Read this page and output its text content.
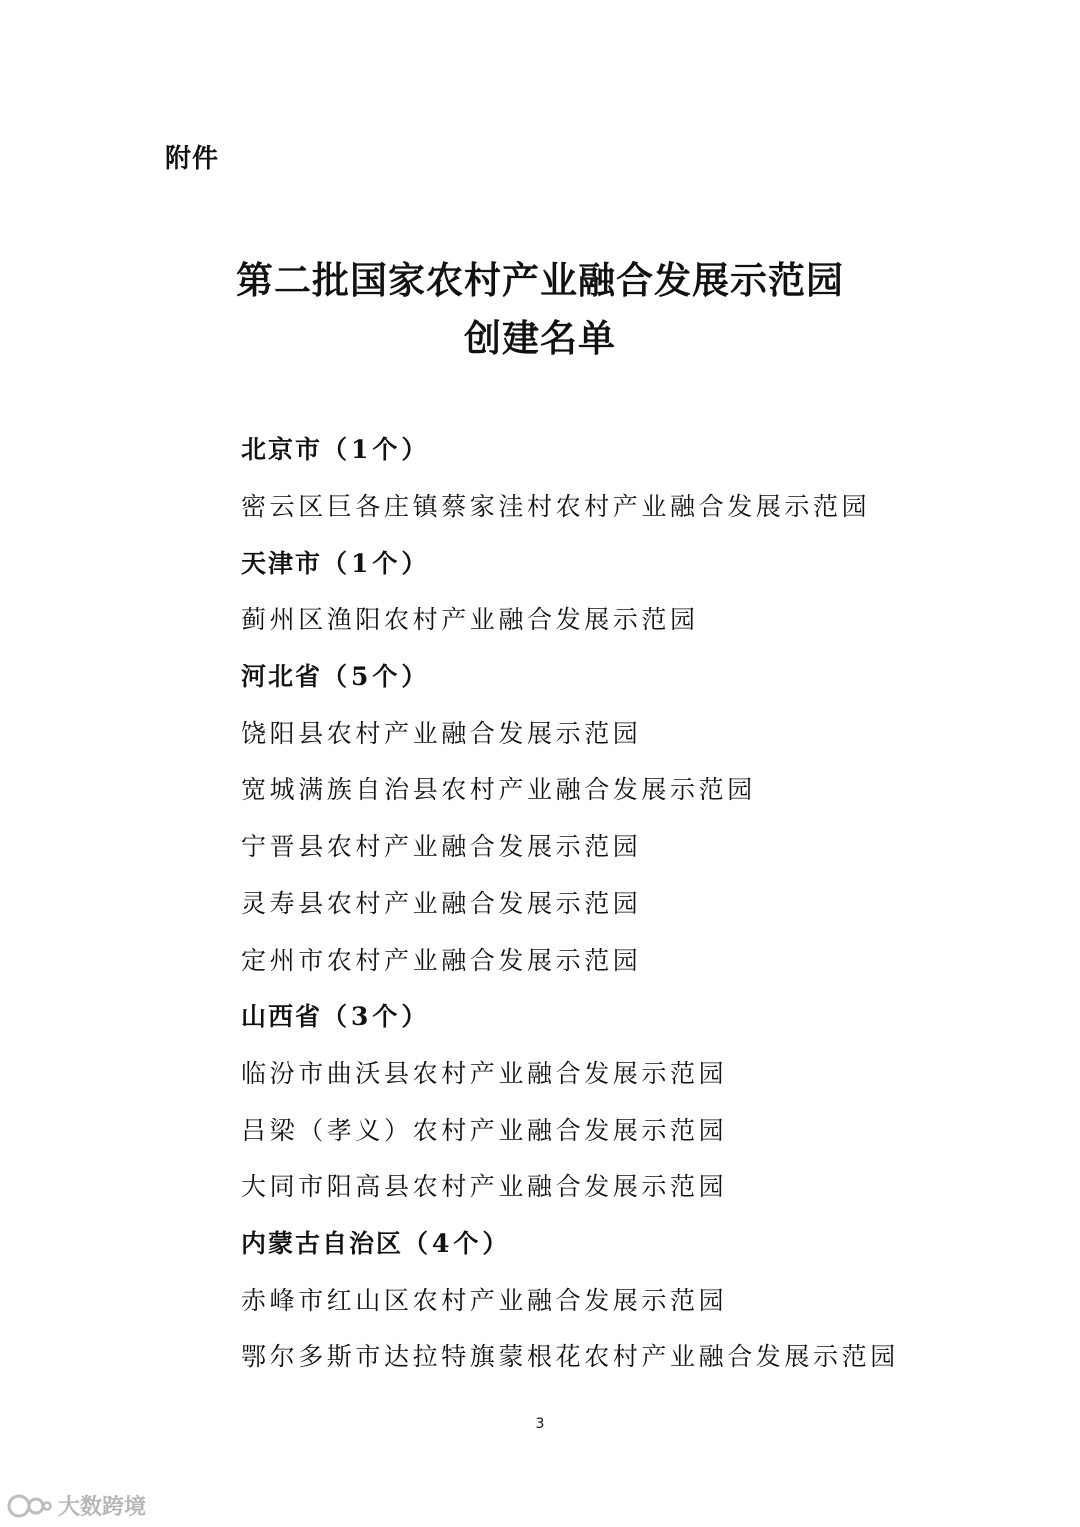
附件
第二批国家农村产业融合发展示范园
创建名单
北京市 （1个）
密云区巨各庄镇蔡家洼村农村产业融合发展示范园
天津市 （1个）
蓟州区渔阳农村产业融合发展示范园
河北省 （5个）
饶阳县农村产业融合发展示范园
宽城满族自治县农村产业融合发展示范园
宁晋县农村产业融合发展示范园
灵寿县农村产业融合发展示范园
定州市农村产业融合发展示范园
山西省 （3个）
临汾市曲沃县农村产业融合发展示范园
吕梁（孝义）农村产业融合发展示范园
大同市阳高县农村产业融合发展示范园
内蒙古自治区 （4个）
赤峰市红山区农村产业融合发展示范园
鄂尔多斯市达拉特旗蒙根花农村产业融合发展示范园
3
大数跨境
